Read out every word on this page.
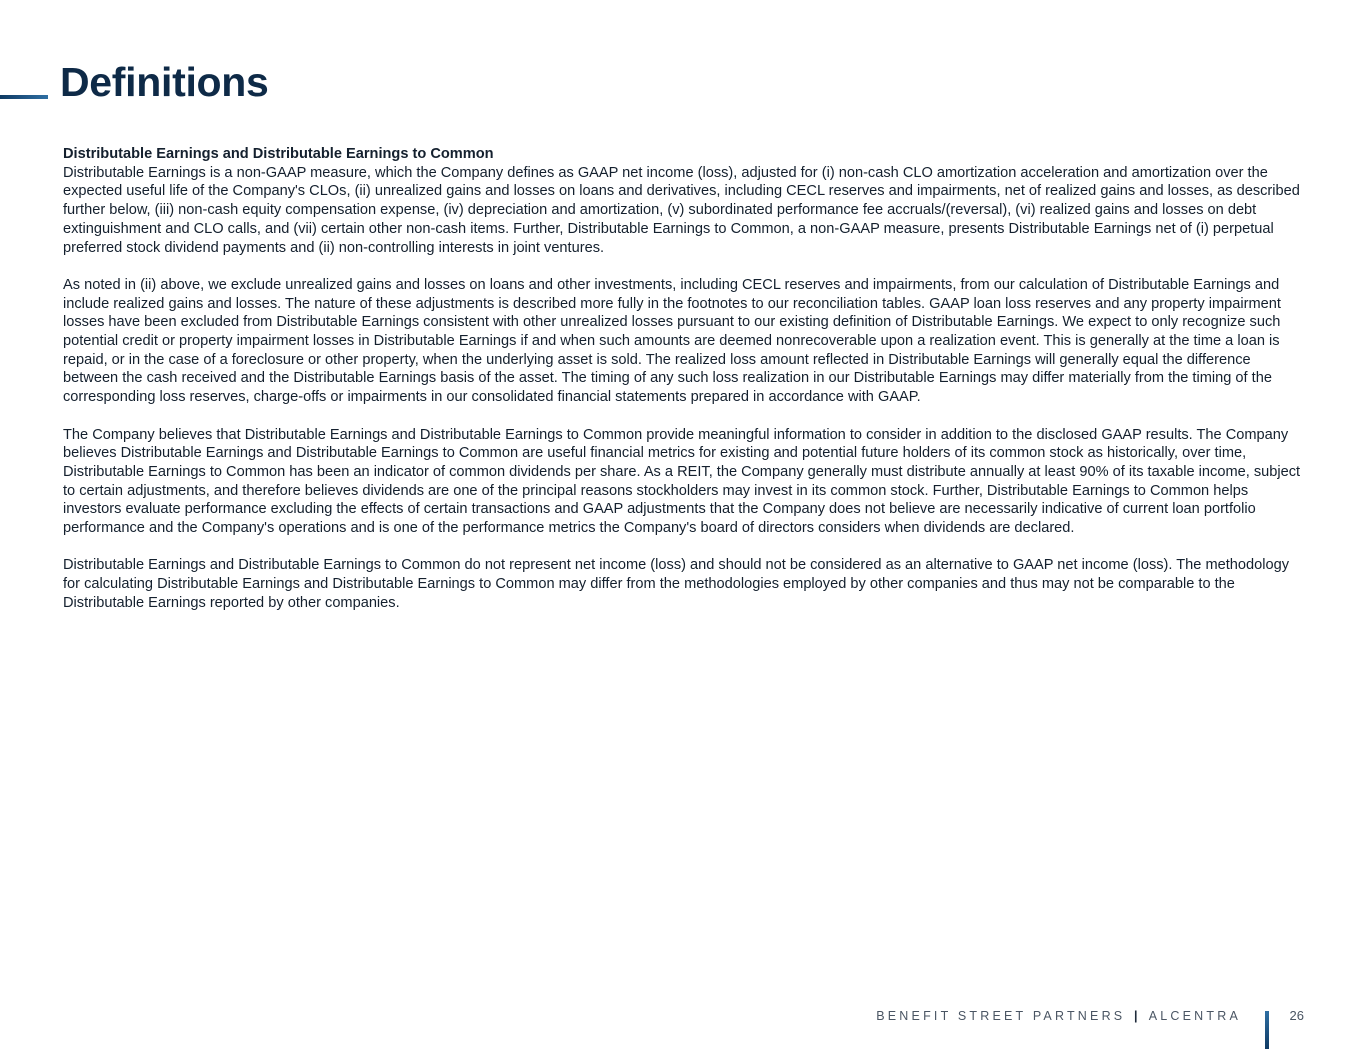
Definitions
Distributable Earnings and Distributable Earnings to Common

Distributable Earnings is a non-GAAP measure, which the Company defines as GAAP net income (loss), adjusted for (i) non-cash CLO amortization acceleration and amortization over the expected useful life of the Company's CLOs, (ii) unrealized gains and losses on loans and derivatives, including CECL reserves and impairments, net of realized gains and losses, as described further below, (iii) non-cash equity compensation expense, (iv) depreciation and amortization, (v) subordinated performance fee accruals/(reversal), (vi) realized gains and losses on debt extinguishment and CLO calls, and (vii) certain other non-cash items. Further, Distributable Earnings to Common, a non-GAAP measure, presents Distributable Earnings net of (i) perpetual preferred stock dividend payments and (ii) non-controlling interests in joint ventures.

As noted in (ii) above, we exclude unrealized gains and losses on loans and other investments, including CECL reserves and impairments, from our calculation of Distributable Earnings and include realized gains and losses. The nature of these adjustments is described more fully in the footnotes to our reconciliation tables. GAAP loan loss reserves and any property impairment losses have been excluded from Distributable Earnings consistent with other unrealized losses pursuant to our existing definition of Distributable Earnings. We expect to only recognize such potential credit or property impairment losses in Distributable Earnings if and when such amounts are deemed nonrecoverable upon a realization event. This is generally at the time a loan is repaid, or in the case of a foreclosure or other property, when the underlying asset is sold. The realized loss amount reflected in Distributable Earnings will generally equal the difference between the cash received and the Distributable Earnings basis of the asset. The timing of any such loss realization in our Distributable Earnings may differ materially from the timing of the corresponding loss reserves, charge-offs or impairments in our consolidated financial statements prepared in accordance with GAAP.

The Company believes that Distributable Earnings and Distributable Earnings to Common provide meaningful information to consider in addition to the disclosed GAAP results. The Company believes Distributable Earnings and Distributable Earnings to Common are useful financial metrics for existing and potential future holders of its common stock as historically, over time, Distributable Earnings to Common has been an indicator of common dividends per share. As a REIT, the Company generally must distribute annually at least 90% of its taxable income, subject to certain adjustments, and therefore believes dividends are one of the principal reasons stockholders may invest in its common stock. Further, Distributable Earnings to Common helps investors evaluate performance excluding the effects of certain transactions and GAAP adjustments that the Company does not believe are necessarily indicative of current loan portfolio performance and the Company's operations and is one of the performance metrics the Company's board of directors considers when dividends are declared.

Distributable Earnings and Distributable Earnings to Common do not represent net income (loss) and should not be considered as an alternative to GAAP net income (loss). The methodology for calculating Distributable Earnings and Distributable Earnings to Common may differ from the methodologies employed by other companies and thus may not be comparable to the Distributable Earnings reported by other companies.

BENEFIT STREET PARTNERS | ALCENTRA	26
